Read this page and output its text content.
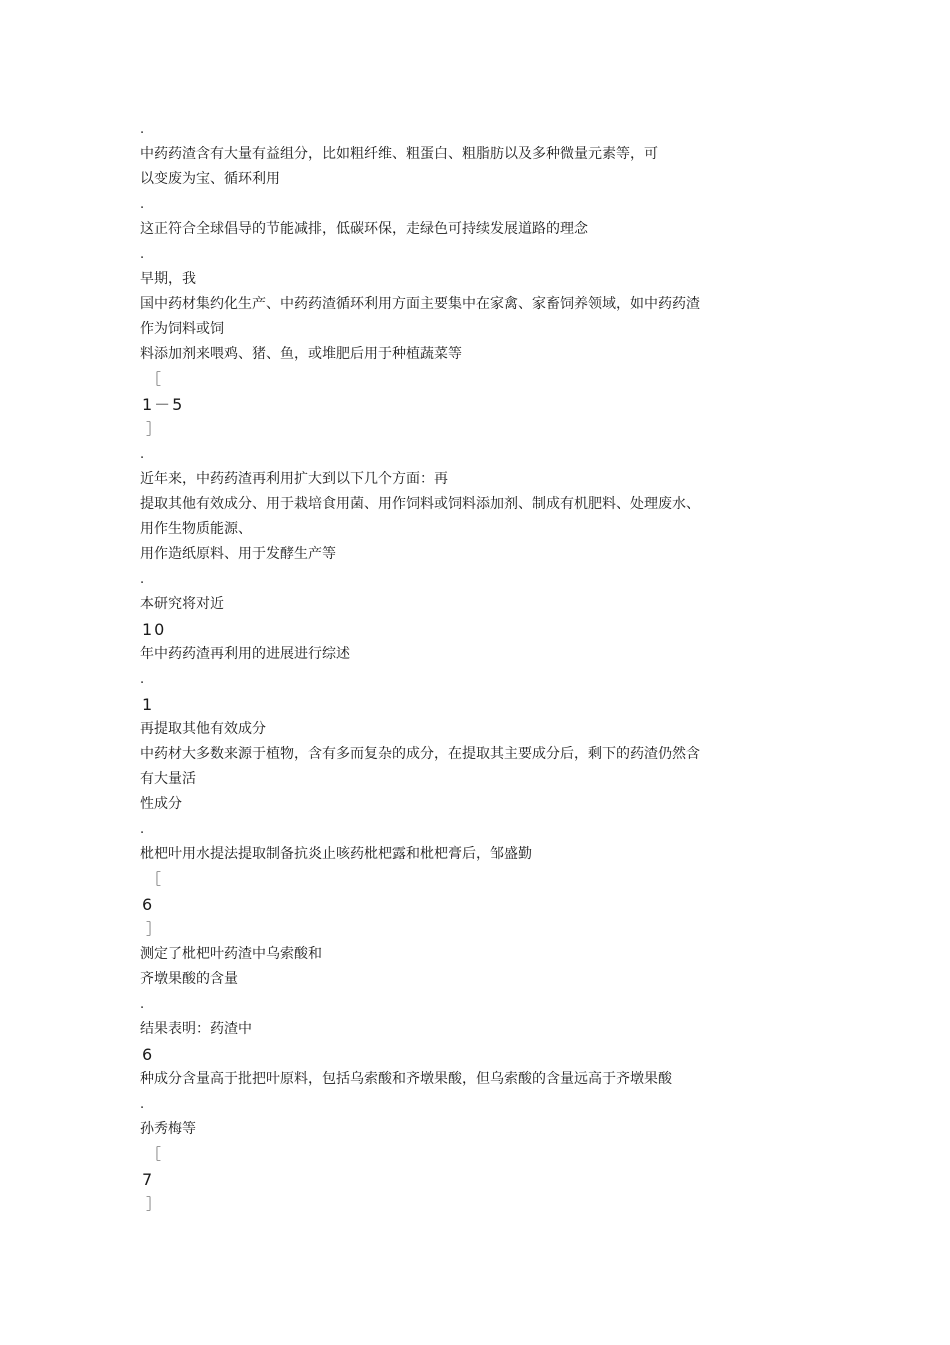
.
中药药渣含有大量有益组分，比如粗纤维、粗蛋白、粗脂肪以及多种微量元素等，可
以变废为宝、循环利用
.
这正符合全球倡导的节能减排，低碳环保，走绿色可持续发展道路的理念
.
早期，我
国中药材集约化生产、中药药渣循环利用方面主要集中在家禽、家畜饲养领域，如中药药渣
作为饲料或饲
料添加剂来喂鸡、猪、鱼，或堆肥后用于种植蔬菜等
［
1－5
］
.
近年来，中药药渣再利用扩大到以下几个方面：再
提取其他有效成分、用于栽培食用菌、用作饲料或饲料添加剂、制成有机肥料、处理废水、
用作生物质能源、
用作造纸原料、用于发酵生产等
.
本研究将对近
10
年中药药渣再利用的进展进行综述
.
1
再提取其他有效成分
中药材大多数来源于植物，含有多而复杂的成分，在提取其主要成分后，剩下的药渣仍然含
有大量活
性成分
.
枇杷叶用水提法提取制备抗炎止咳药枇杷露和枇杷膏后，邹盛勤
［
6
］
测定了枇杷叶药渣中乌索酸和
齐墩果酸的含量
.
结果表明：药渣中
6
种成分含量高于批把叶原料，包括乌索酸和齐墩果酸，但乌索酸的含量远高于齐墩果酸
.
孙秀梅等
［
7
］
